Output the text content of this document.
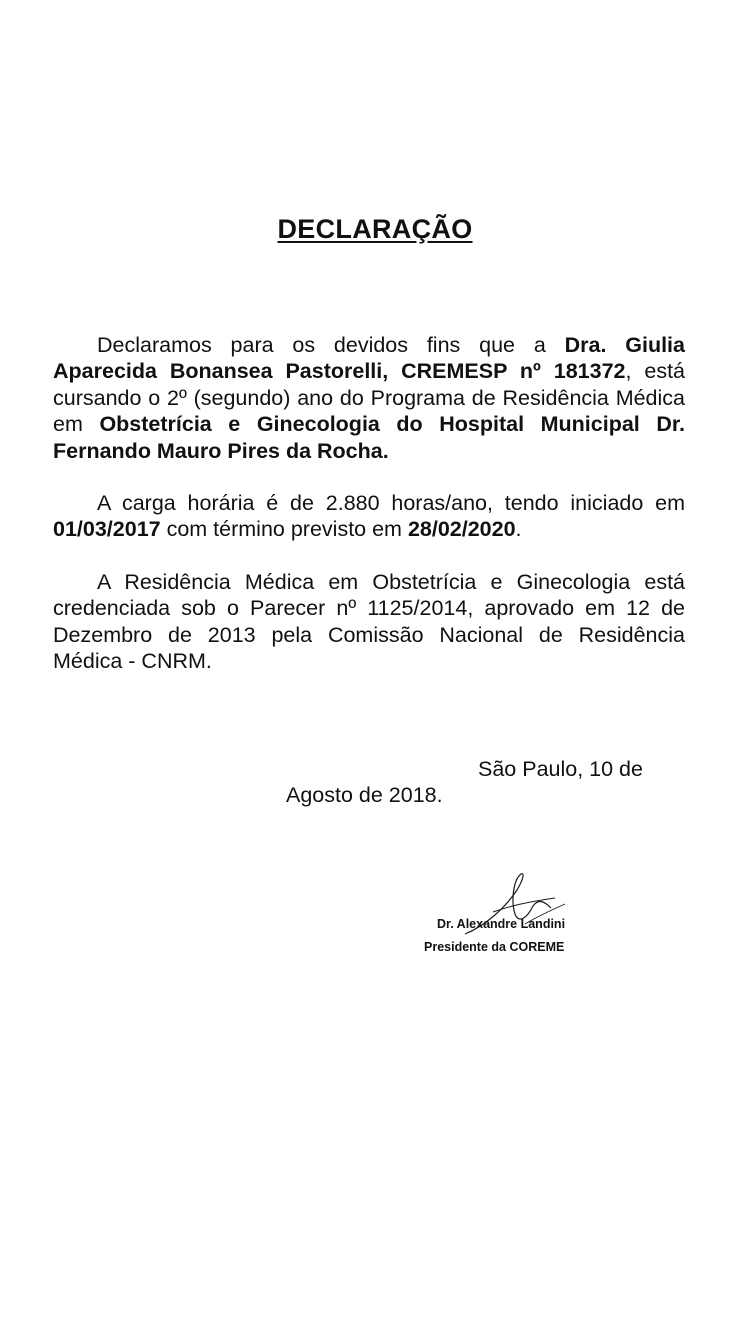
DECLARAÇÃO

Declaramos para os devidos fins que a Dra. Giulia Aparecida Bonansea Pastorelli, CREMESP nº 181372, está cursando o 2º (segundo) ano do Programa de Residência Médica em Obstetrícia e Ginecologia do Hospital Municipal Dr. Fernando Mauro Pires da Rocha.

A carga horária é de 2.880 horas/ano, tendo iniciado em 01/03/2017 com término previsto em 28/02/2020.

A Residência Médica em Obstetrícia e Ginecologia está credenciada sob o Parecer nº 1125/2014, aprovado em 12 de Dezembro de 2013 pela Comissão Nacional de Residência Médica - CNRM.

São Paulo, 10 de
Agosto de 2018.
Dr. Alexandre Landini
Presidente da COREME
